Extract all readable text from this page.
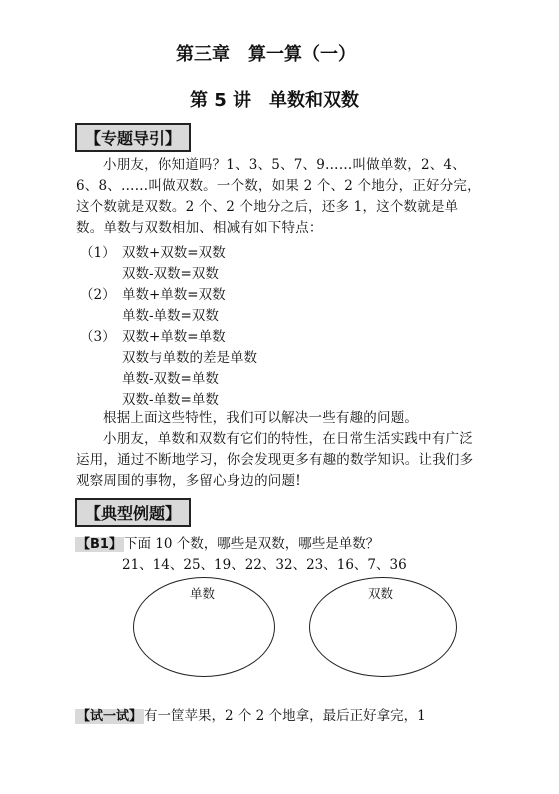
第三章　算一算（一）
第 5 讲　单数和双数
【专题导引】
小朋友，你知道吗？1、3、5、7、9……叫做单数，2、4、6、8、……叫做双数。一个数，如果 2 个、2 个地分，正好分完，这个数就是双数。2 个、2 个地分之后，还多 1，这个数就是单数。单数与双数相加、相减有如下特点：
（1） 双数+双数=双数
双数-双数=双数
（2） 单数+单数=双数
单数-单数=双数
（3） 双数+单数=单数
双数与单数的差是单数
单数-双数=单数
双数-单数=单数
根据上面这些特性，我们可以解决一些有趣的问题。
小朋友，单数和双数有它们的特性，在日常生活实践中有广泛运用，通过不断地学习，你会发现更多有趣的数学知识。让我们多观察周围的事物，多留心身边的问题!
【典型例题】
【B1】 下面 10 个数，哪些是双数，哪些是单数？
21、14、25、19、22、32、23、16、7、36
单数	双数
【试一试】 有一筐苹果，2 个 2 个地拿，最后正好拿完，1
